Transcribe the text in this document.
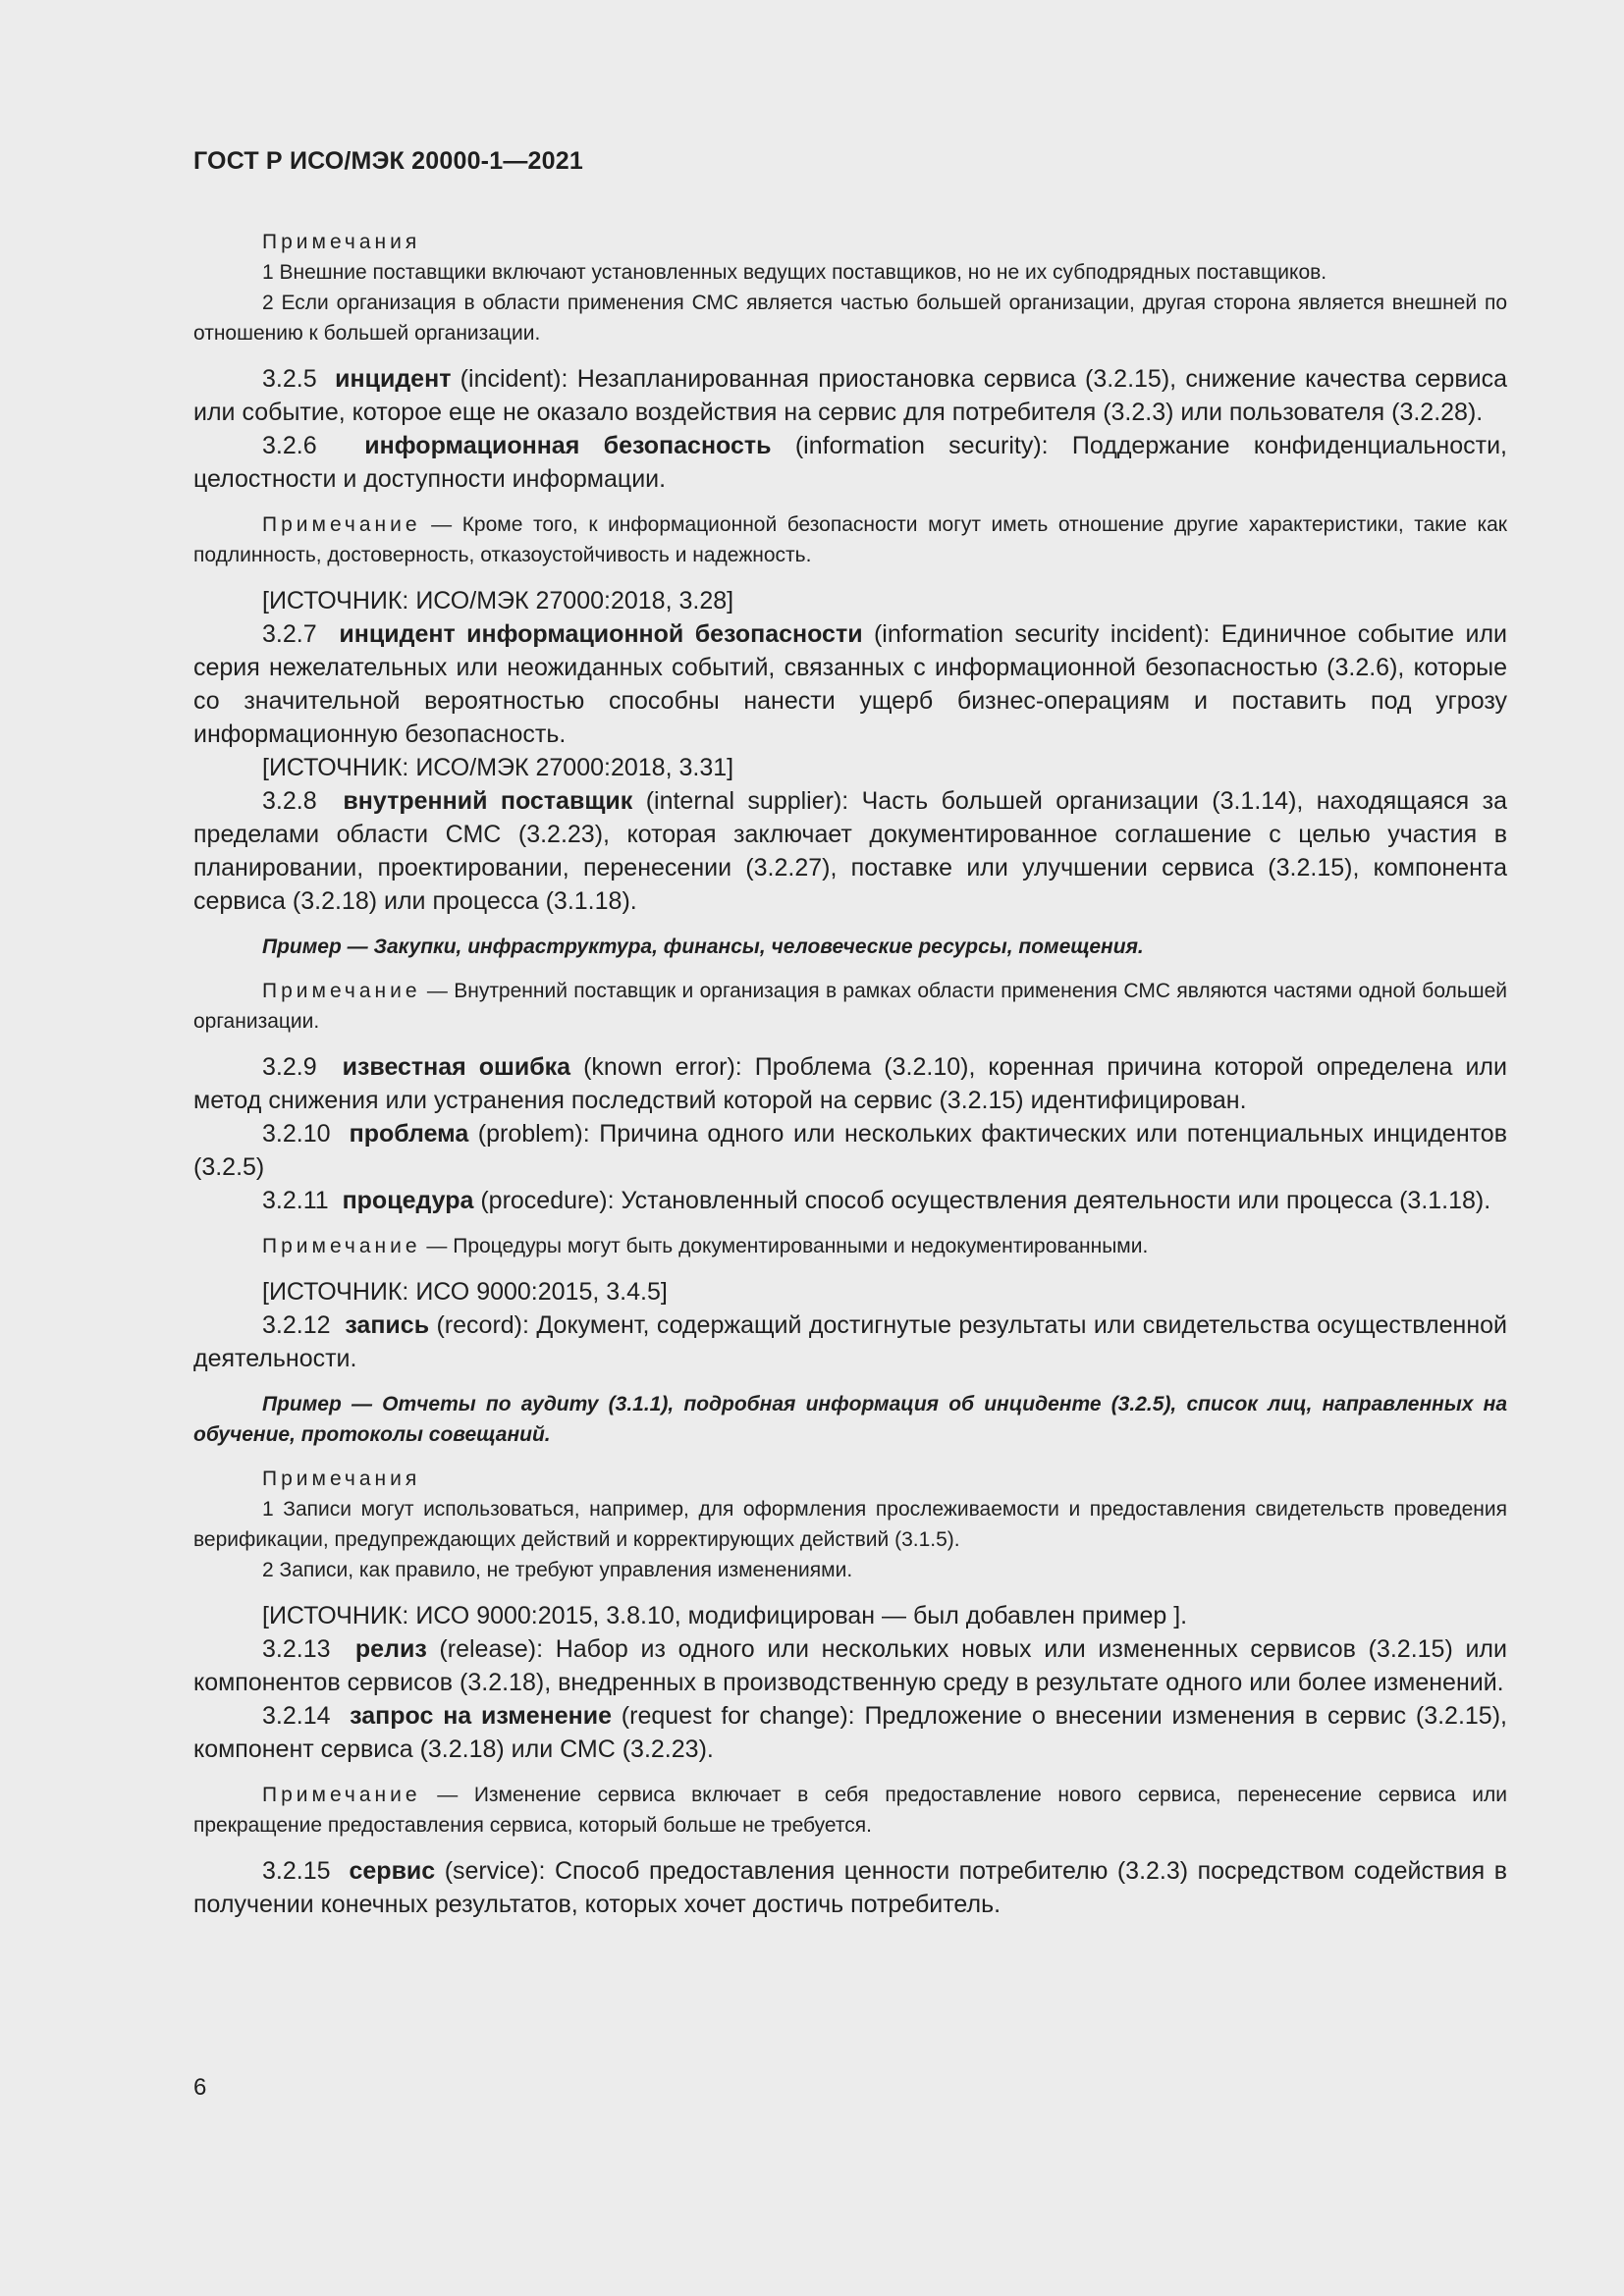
ГОСТ Р ИСО/МЭК 20000-1—2021

Примечания

1 Внешние поставщики включают установленных ведущих поставщиков, но не их субподрядных поставщиков.

2 Если организация в области применения СМС является частью большей организации, другая сторона является внешней по отношению к большей организации.

3.2.5 инцидент (incident): Незапланированная приостановка сервиса (3.2.15), снижение качества сервиса или событие, которое еще не оказало воздействия на сервис для потребителя (3.2.3) или пользователя (3.2.28).

3.2.6 информационная безопасность (information security): Поддержание конфиденциальности, целостности и доступности информации.

Примечание — Кроме того, к информационной безопасности могут иметь отношение другие характеристики, такие как подлинность, достоверность, отказоустойчивость и надежность.

[ИСТОЧНИК: ИСО/МЭК 27000:2018, 3.28]

3.2.7 инцидент информационной безопасности (information security incident): Единичное событие или серия нежелательных или неожиданных событий, связанных с информационной безопасностью (3.2.6), которые со значительной вероятностью способны нанести ущерб бизнес-операциям и поставить под угрозу информационную безопасность.

[ИСТОЧНИК: ИСО/МЭК 27000:2018, 3.31]

3.2.8 внутренний поставщик (internal supplier): Часть большей организации (3.1.14), находящаяся за пределами области СМС (3.2.23), которая заключает документированное соглашение с целью участия в планировании, проектировании, перенесении (3.2.27), поставке или улучшении сервиса (3.2.15), компонента сервиса (3.2.18) или процесса (3.1.18).

Пример — Закупки, инфраструктура, финансы, человеческие ресурсы, помещения.

Примечание — Внутренний поставщик и организация в рамках области применения СМС являются частями одной большей организации.

3.2.9 известная ошибка (known error): Проблема (3.2.10), коренная причина которой определена или метод снижения или устранения последствий которой на сервис (3.2.15) идентифицирован.

3.2.10 проблема (problem): Причина одного или нескольких фактических или потенциальных инцидентов (3.2.5)

3.2.11 процедура (procedure): Установленный способ осуществления деятельности или процесса (3.1.18).

Примечание — Процедуры могут быть документированными и недокументированными.

[ИСТОЧНИК: ИСО 9000:2015, 3.4.5]

3.2.12 запись (record): Документ, содержащий достигнутые результаты или свидетельства осуществленной деятельности.

Пример — Отчеты по аудиту (3.1.1), подробная информация об инциденте (3.2.5), список лиц, направленных на обучение, протоколы совещаний.

Примечания

1 Записи могут использоваться, например, для оформления прослеживаемости и предоставления свидетельств проведения верификации, предупреждающих действий и корректирующих действий (3.1.5).

2 Записи, как правило, не требуют управления изменениями.

[ИСТОЧНИК: ИСО 9000:2015, 3.8.10, модифицирован — был добавлен пример ].

3.2.13 релиз (release): Набор из одного или нескольких новых или измененных сервисов (3.2.15) или компонентов сервисов (3.2.18), внедренных в производственную среду в результате одного или более изменений.

3.2.14 запрос на изменение (request for change): Предложение о внесении изменения в сервис (3.2.15), компонент сервиса (3.2.18) или СМС (3.2.23).

Примечание — Изменение сервиса включает в себя предоставление нового сервиса, перенесение сервиса или прекращение предоставления сервиса, который больше не требуется.

3.2.15 сервис (service): Способ предоставления ценности потребителю (3.2.3) посредством содействия в получении конечных результатов, которых хочет достичь потребитель.

6
